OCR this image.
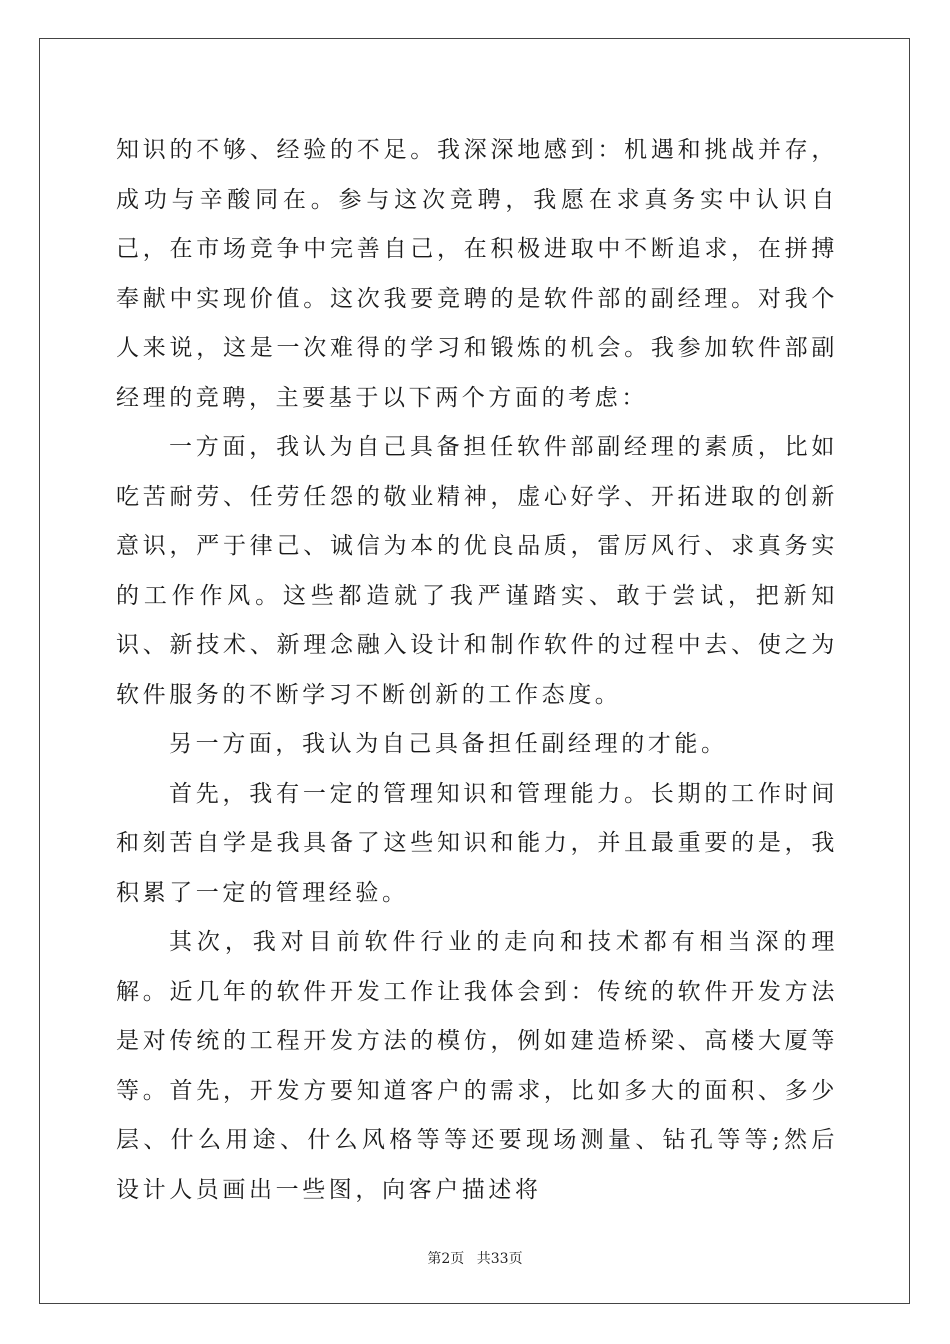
知识的不够、经验的不足。我深深地感到：机遇和挑战并存，成功与辛酸同在。参与这次竞聘，我愿在求真务实中认识自己，在市场竞争中完善自己，在积极进取中不断追求，在拼搏奉献中实现价值。这次我要竞聘的是软件部的副经理。对我个人来说，这是一次难得的学习和锻炼的机会。我参加软件部副经理的竞聘，主要基于以下两个方面的考虑：

一方面，我认为自己具备担任软件部副经理的素质，比如吃苦耐劳、任劳任怨的敬业精神，虚心好学、开拓进取的创新意识，严于律己、诚信为本的优良品质，雷厉风行、求真务实的工作作风。这些都造就了我严谨踏实、敢于尝试，把新知识、新技术、新理念融入设计和制作软件的过程中去、使之为软件服务的不断学习不断创新的工作态度。

另一方面，我认为自己具备担任副经理的才能。

首先，我有一定的管理知识和管理能力。长期的工作时间和刻苦自学是我具备了这些知识和能力，并且最重要的是，我积累了一定的管理经验。

其次，我对目前软件行业的走向和技术都有相当深的理解。近几年的软件开发工作让我体会到：传统的软件开发方法是对传统的工程开发方法的模仿，例如建造桥梁、高楼大厦等等。首先，开发方要知道客户的需求，比如多大的面积、多少层、什么用途、什么风格等等还要现场测量、钻孔等等;然后设计人员画出一些图，向客户描述将

第2页 共33页
